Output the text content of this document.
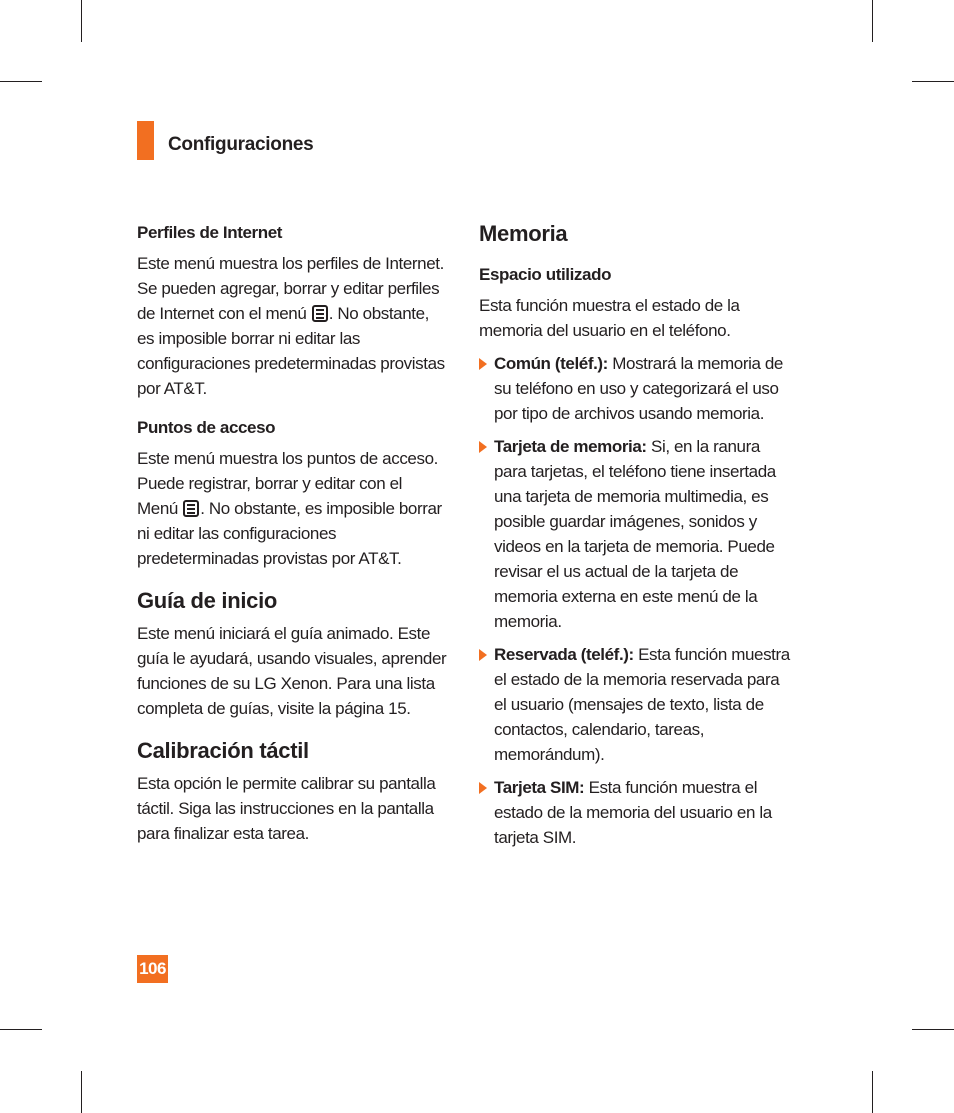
Configuraciones
Perfiles de Internet

Este menú muestra los perfiles de Internet. Se pueden agregar, borrar y editar perfiles de Internet con el menú . No obstante, es imposible borrar ni editar las configuraciones predeterminadas provistas por AT&T.

Puntos de acceso

Este menú muestra los puntos de acceso. Puede registrar, borrar y editar con el Menú . No obstante, es imposible borrar ni editar las configuraciones predeterminadas provistas por AT&T.

Guía de inicio

Este menú iniciará el guía animado. Este guía le ayudará, usando visuales, aprender funciones de su LG Xenon. Para una lista completa de guías, visite la página 15.

Calibración táctil

Esta opción le permite calibrar su pantalla táctil. Siga las instrucciones en la pantalla para finalizar esta tarea.

Memoria
Espacio utilizado

Esta función muestra el estado de la memoria del usuario en el teléfono.

Común (teléf.): Mostrará la memoria de su teléfono en uso y categorizará el uso por tipo de archivos usando memoria.
Tarjeta de memoria: Si, en la ranura para tarjetas, el teléfono tiene insertada una tarjeta de memoria multimedia, es posible guardar imágenes, sonidos y videos en la tarjeta de memoria. Puede revisar el us actual de la tarjeta de memoria externa en este menú de la memoria.
Reservada (teléf.): Esta función muestra el estado de la memoria reservada para el usuario (mensajes de texto, lista de contactos, calendario, tareas, memorándum).
Tarjeta SIM: Esta función muestra el estado de la memoria del usuario en la tarjeta SIM.
106
